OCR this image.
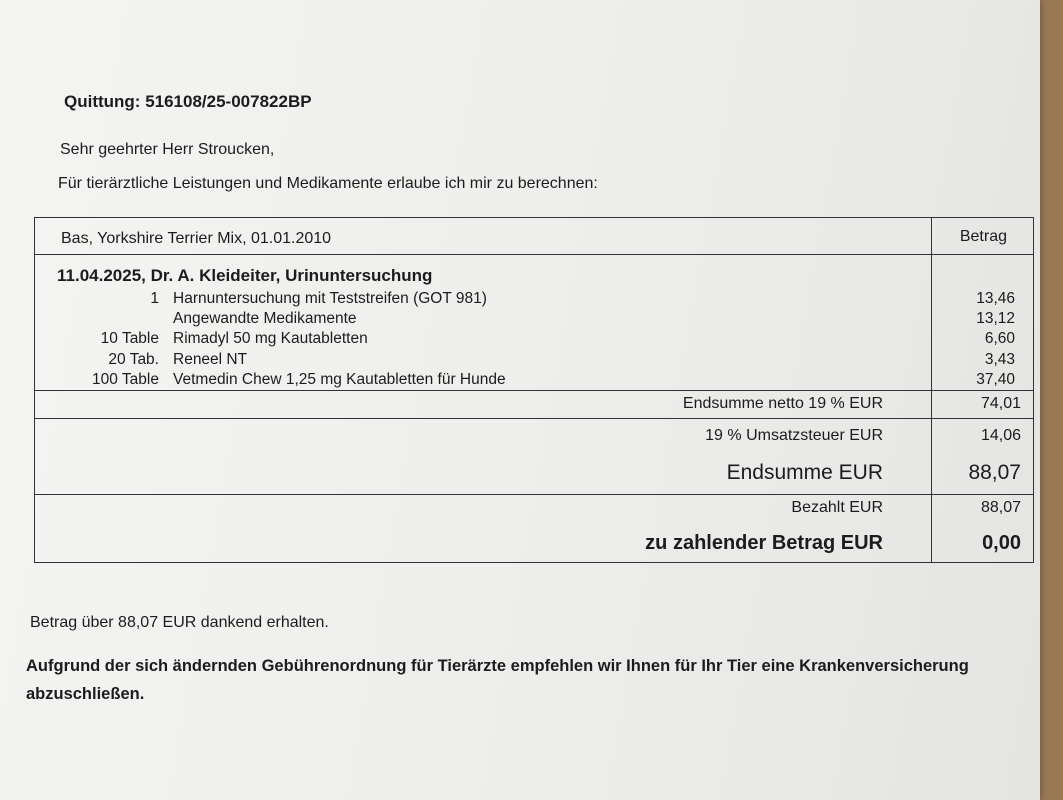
Quittung: 516108/25-007822BP
Sehr geehrter Herr Stroucken,
Für tierärztliche Leistungen und Medikamente erlaube ich mir zu berechnen:
Bas, Yorkshire Terrier Mix, 01.01.2010	Betrag
11.04.2025, Dr. A. Kleideiter, Urinuntersuchung
1 Harnuntersuchung mit Teststreifen (GOT 981)	13,46
Angewandte Medikamente	13,12
10 Table Rimadyl 50 mg Kautabletten	6,60
20 Tab. Reneel NT	3,43
100 Table Vetmedin Chew 1,25 mg Kautabletten für Hunde	37,40
Endsumme netto 19 % EUR	74,01
19 % Umsatzsteuer EUR	14,06
Endsumme EUR	88,07
Bezahlt EUR	88,07
zu zahlender Betrag EUR	0,00
Betrag über 88,07 EUR dankend erhalten.
Aufgrund der sich ändernden Gebührenordnung für Tierärzte empfehlen wir Ihnen für Ihr Tier eine Krankenversicherung abzuschließen.
